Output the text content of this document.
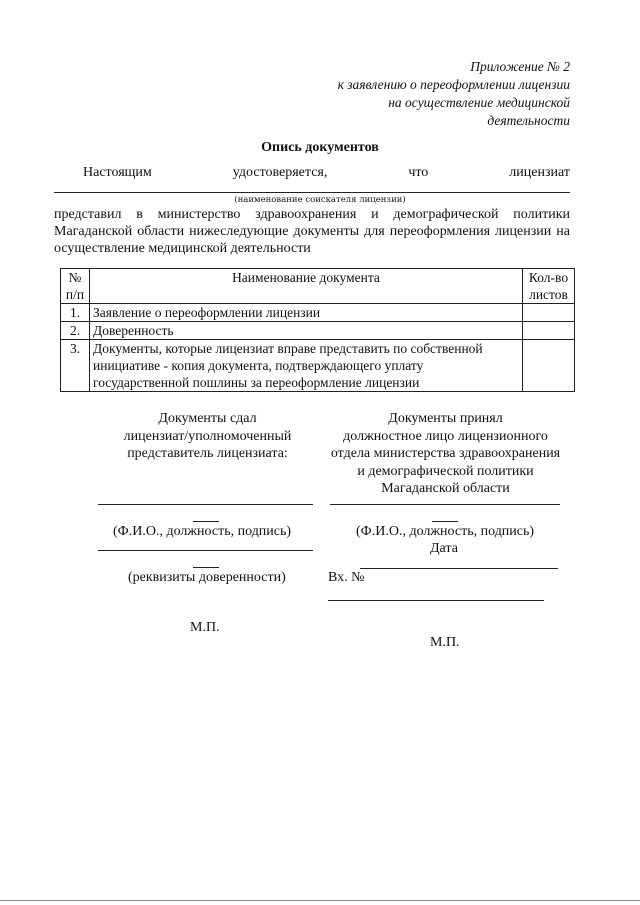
Приложение № 2
к заявлению о переоформлении лицензии
на осуществление медицинской
деятельности
Опись документов
Настоящим	удостоверяется,	что	лицензиат
(наименование соискателя лицензии)
представил в министерство здравоохранения и демографической политики Магаданской области нижеследующие документы для переоформления лицензии на осуществление медицинской деятельности
№ п/п	Наименование документа	Кол-во листов
1.	Заявление о переоформлении лицензии	
2.	Доверенность	
3.	Документы, которые лицензиат вправе представить по собственной инициативе - копия документа, подтверждающего уплату государственной пошлины за переоформление лицензии	
Документы сдал
лицензиат/уполномоченный
представитель лицензиата:
(Ф.И.О., должность, подпись)
(реквизиты доверенности)
М.П.
Документы принял
должностное лицо лицензионного
отдела министерства здравоохранения
и демографической политики
Магаданской области
(Ф.И.О., должность, подпись)
Дата
Вх. №
М.П.
